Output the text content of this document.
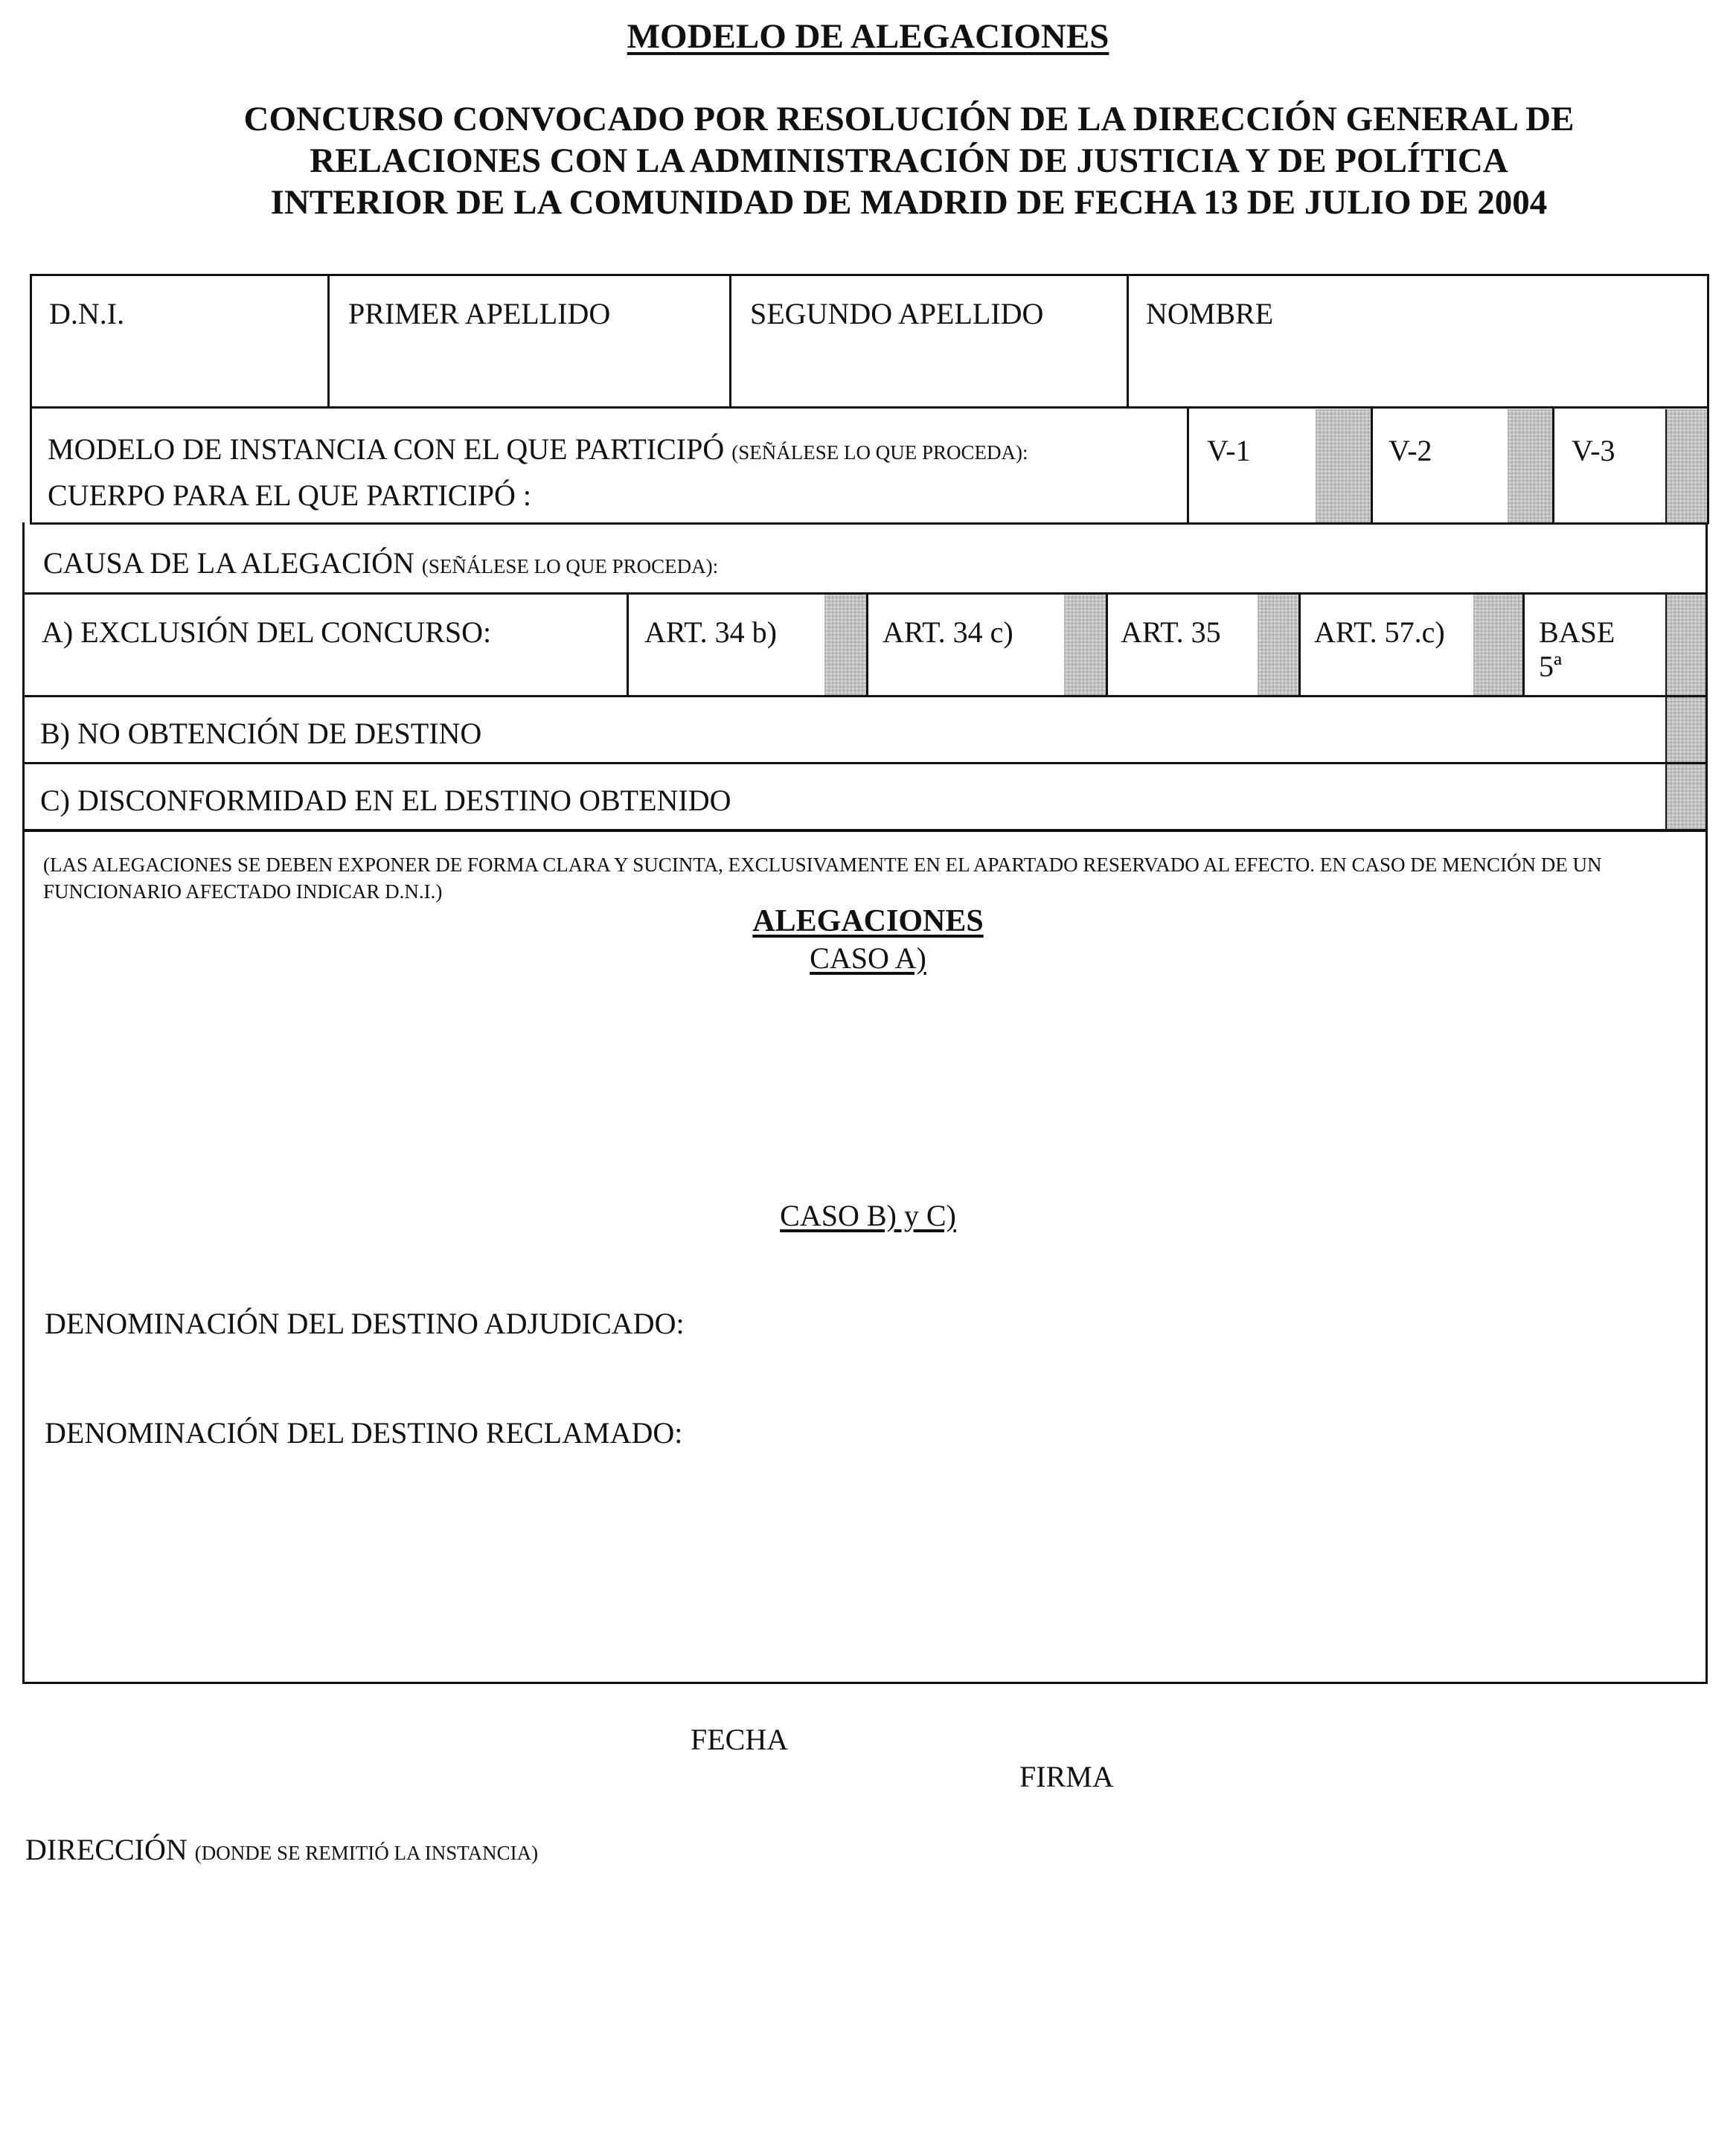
MODELO DE ALEGACIONES
CONCURSO CONVOCADO POR RESOLUCIÓN DE LA DIRECCIÓN GENERAL DE
RELACIONES CON LA ADMINISTRACIÓN DE JUSTICIA Y DE POLÍTICA
INTERIOR DE LA COMUNIDAD DE MADRID DE FECHA 13 DE JULIO DE 2004
D.N.I.	PRIMER APELLIDO	SEGUNDO APELLIDO	NOMBRE
MODELO DE INSTANCIA CON EL QUE PARTICIPÓ (SEÑÁLESE LO QUE PROCEDA):
CUERPO PARA EL QUE PARTICIPÓ :
V-1	V-2	V-3
CAUSA DE LA ALEGACIÓN (SEÑÁLESE LO QUE PROCEDA):
A) EXCLUSIÓN DEL CONCURSO:	ART. 34 b)	ART. 34 c)	ART. 35	ART. 57.c)	BASE
5ª
B) NO OBTENCIÓN DE DESTINO
C) DISCONFORMIDAD EN EL DESTINO OBTENIDO
(LAS ALEGACIONES SE DEBEN EXPONER DE FORMA CLARA Y SUCINTA, EXCLUSIVAMENTE EN EL APARTADO RESERVADO AL EFECTO. EN CASO DE MENCIÓN DE UN FUNCIONARIO AFECTADO INDICAR D.N.I.)
ALEGACIONES
CASO A)
CASO B) y C)
DENOMINACIÓN DEL DESTINO ADJUDICADO:
DENOMINACIÓN DEL DESTINO RECLAMADO:
FECHA
FIRMA
DIRECCIÓN (DONDE SE REMITIÓ LA INSTANCIA)
